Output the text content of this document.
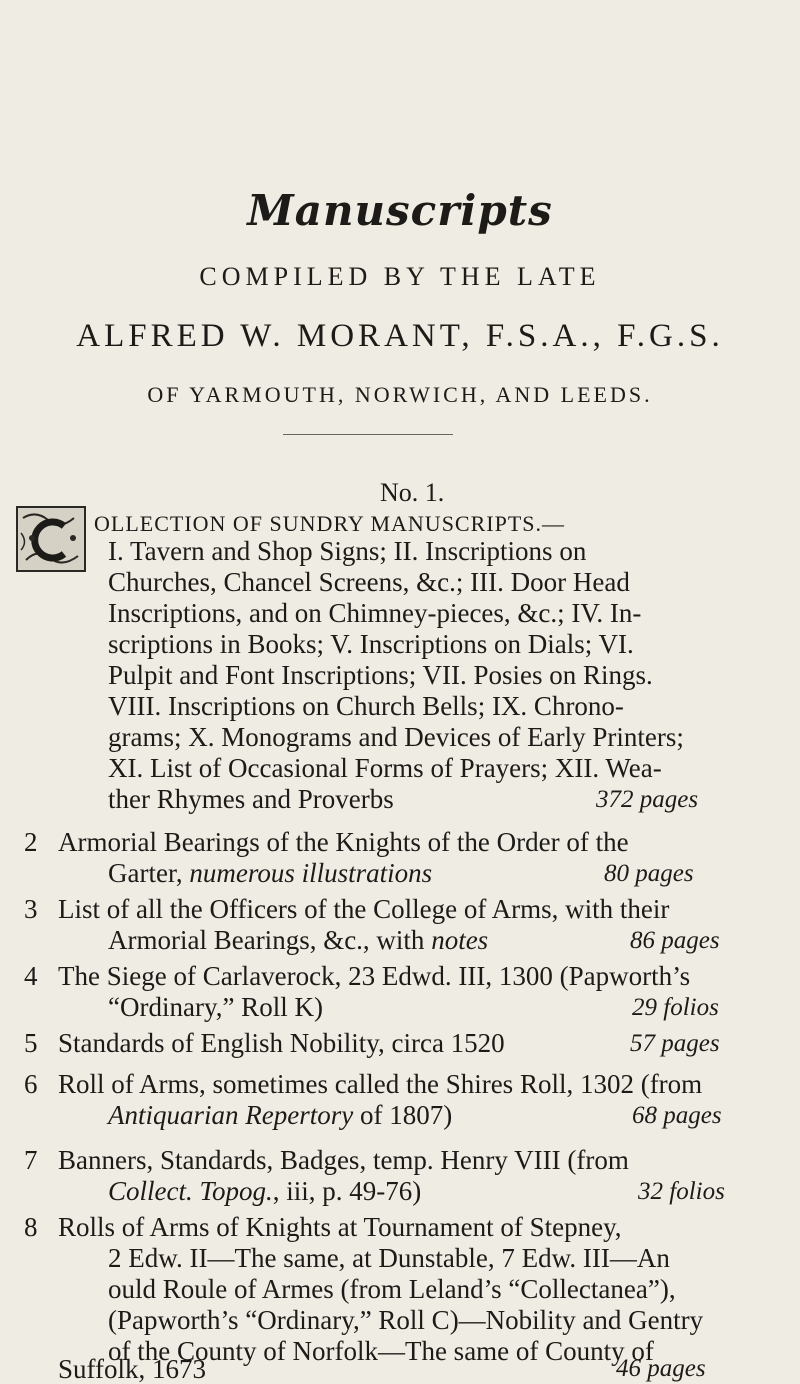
Manuscripts
COMPILED BY THE LATE
ALFRED W. MORANT, F.S.A., F.G.S.
OF YARMOUTH, NORWICH, AND LEEDS.
No. 1.
OLLECTION OF SUNDRY MANUSCRIPTS.—
I. Tavern and Shop Signs; II. Inscriptions on
Churches, Chancel Screens, &c.; III. Door Head
Inscriptions, and on Chimney-pieces, &c.; IV. In-
scriptions in Books; V. Inscriptions on Dials; VI.
Pulpit and Font Inscriptions; VII. Posies on Rings.
VIII. Inscriptions on Church Bells; IX. Chrono-
grams; X. Monograms and Devices of Early Printers;
XI. List of Occasional Forms of Prayers; XII. Wea-
ther Rhymes and Proverbs	372 pages
2 Armorial Bearings of the Knights of the Order of the
Garter, numerous illustrations	80 pages
3 List of all the Officers of the College of Arms, with their
Armorial Bearings, &c., with notes	86 pages
4 The Siege of Carlaverock, 23 Edwd. III, 1300 (Papworth’s
“Ordinary,” Roll K)	29 folios
5 Standards of English Nobility, circa 1520	57 pages
6 Roll of Arms, sometimes called the Shires Roll, 1302 (from
Antiquarian Repertory of 1807)	68 pages
7 Banners, Standards, Badges, temp. Henry VIII (from
Collect. Topog., iii, p. 49-76)	32 folios
8 Rolls of Arms of Knights at Tournament of Stepney,
2 Edw. II—The same, at Dunstable, 7 Edw. III—An
ould Roule of Armes (from Leland’s “Collectanea”),
(Papworth’s “Ordinary,” Roll C)—Nobility and Gentry
of the County of Norfolk—The same of County of
Suffolk, 1673	46 pages
